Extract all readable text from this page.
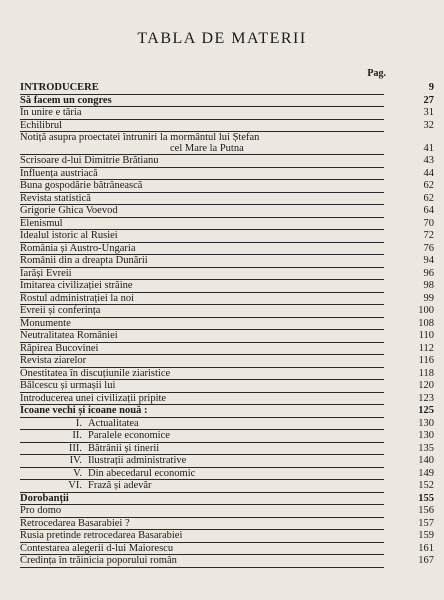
TABLA DE MATERII
Pag.
INTRODUCERE	9
Să facem un congres	27
În unire e tăria	31
Echilibrul	32
Notiță asupra proectatei întruniri la mormântul lui Ștefan
cel Mare la Putna	41
Scrisoare d-lui Dimitrie Brătianu	43
Influența austriacă	44
Buna gospodărie bătrânească	62
Revista statistică	62
Grigorie Ghica Voevod	64
Elenismul	70
Idealul istoric al Rusiei	72
România și Austro-Ungaria	76
Românii din a dreapta Dunării	94
Iarăși Evreii	96
Imitarea civilizației străine	98
Rostul administrației la noi	99
Evreii și conferința	100
Monumente	108
Neutralitatea României	110
Răpirea Bucovinei	112
Revista ziarelor	116
Onestitatea în discuțiunile ziaristice	118
Bălcescu și urmașii lui	120
Introducerea unei civilizații pripite	123
Icoane vechi și icoane nouă :	125
I. Actualitatea	130
II. Paralele economice	130
III. Bătrânii și tinerii	135
IV. Ilustrații administrative	140
V. Din abecedarul economic	149
VI. Frază și adevăr	152
Dorobanții	155
Pro domo	156
Retrocedarea Basarabiei ?	157
Rusia pretinde retrocedarea Basarabiei	159
Contestarea alegerii d-lui Maiorescu	161
Credința în trăinicia poporului român	167
